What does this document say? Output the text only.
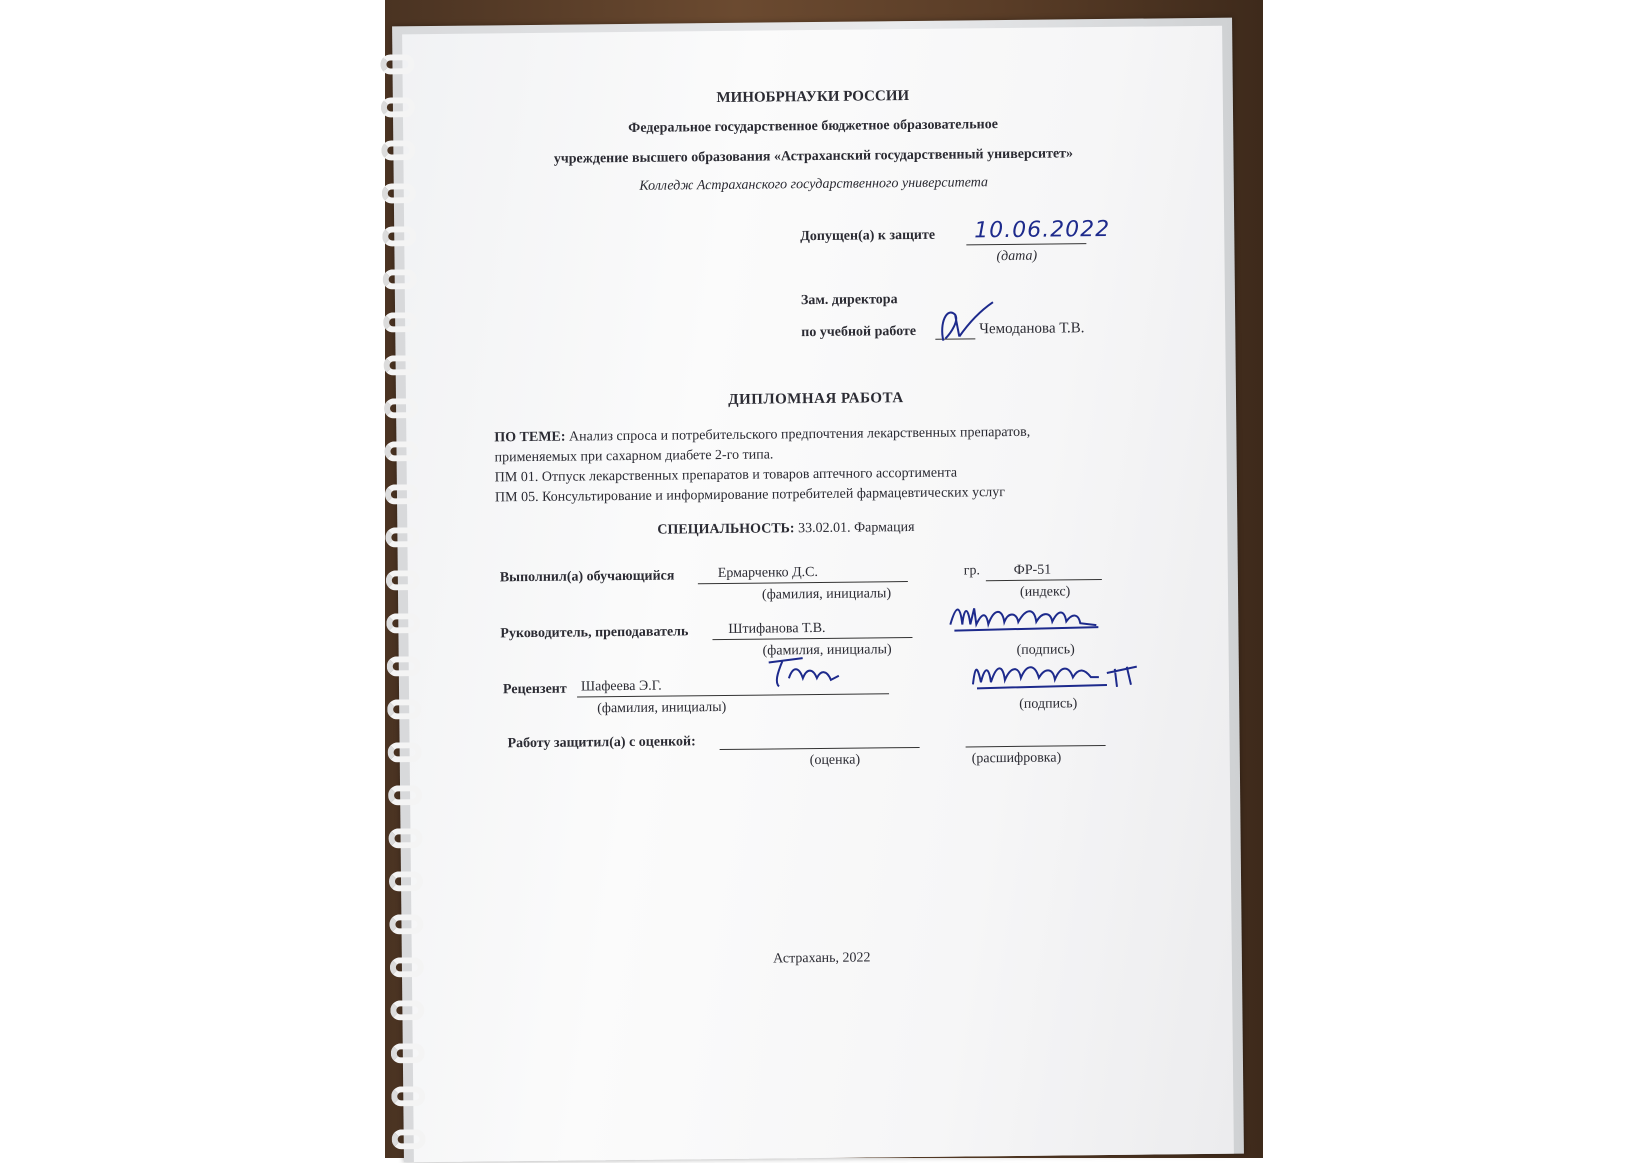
МИНОБРНАУКИ РОССИИ
Федеральное государственное бюджетное образовательное
учреждение высшего образования «Астраханский государственный университет»
Колледж Астраханского государственного университета
Допущен(а) к защите 10.06.2022
(дата)
Зам. директора
по учебной работе	Чемоданова Т.В.
ДИПЛОМНАЯ РАБОТА
ПО ТЕМЕ: Анализ спроса и потребительского предпочтения лекарственных препаратов,
применяемых при сахарном диабете 2-го типа.
ПМ 01. Отпуск лекарственных препаратов и товаров аптечного ассортимента
ПМ 05. Консультирование и информирование потребителей фармацевтических услуг
СПЕЦИАЛЬНОСТЬ: 33.02.01. Фармация
Выполнил(а) обучающийся	Ермарченко Д.С.
(фамилия, инициалы)
гр. ФР-51
(индекс)
Руководитель, преподаватель	Штифанова Т.В.
(фамилия, инициалы)	(подпись)
Рецензент Шафеева Э.Г.
(фамилия, инициалы)	(подпись)
Работу защитил(а) с оценкой:
(оценка)	(расшифровка)
Астрахань, 2022
